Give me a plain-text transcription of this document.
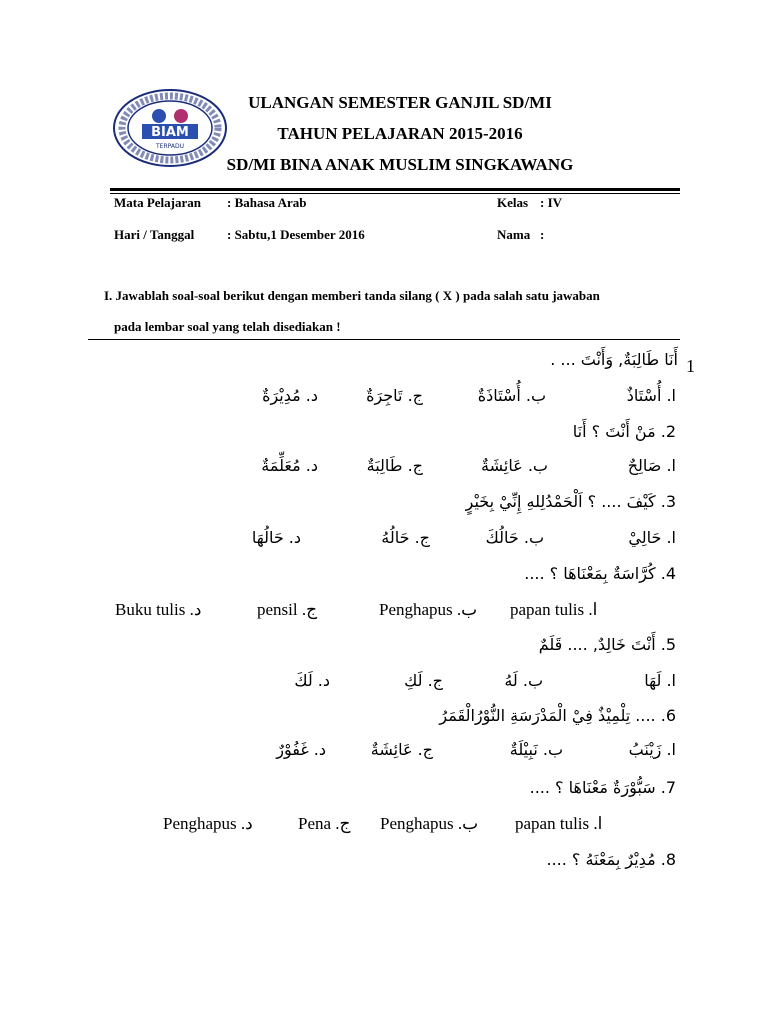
BIAM
TERPADU
ULANGAN SEMESTER GANJIL SD/MI
TAHUN PELAJARAN 2015-2016
SD/MI BINA ANAK MUSLIM SINGKAWANG
Mata Pelajaran : Bahasa Arab	Kelas : IV
Hari / Tanggal	: Sabtu,1 Desember 2016	Nama :
I. Jawablah soal-soal berikut dengan memberi tanda silang ( X ) pada salah satu jawaban
pada lembar soal yang telah disediakan !
1
أَنَا طَالِبَةٌ, وَأَنْتَ ... .
ا. أُسْتَاذٌ
ب. أُسْتَاذَةٌ
ج. تَاجِرَةٌ
د. مُدِيْرَةٌ
2. مَنْ أَنْتَ ؟ أَنَا
ا. صَالِحٌ
ب. عَائِشَةٌ
ج. طَالِبَةٌ
د. مُعَلِّمَةٌ
3. كَيْفَ .... ؟ اَلْحَمْدُلِلهِ إِنِّيْ بِخَيْرٍ
ا. حَالِيْ
ب. حَالُكَ
ج. حَالُهُ
د. حَالُهَا
4. كُرَّاسَةٌ بِمَعْنَاهَا ؟ ....
papan tulis .ا
Penghapus .ب
pensil .ج
Buku tulis .د
5. أَنْتَ خَالِدٌ, .... قَلَمٌ
ا. لَهَا
ب. لَهُ
ج. لَكِ
د. لَكَ
6. .... تِلْمِيْذٌ فِيْ الْمَدْرَسَةِ النُّوْرُالْقَمَرُ
ا. زَيْنَبُ
ب. نَبِيْلَةٌ
ج. عَائِشَةٌ
د. غَفُوْرٌ
7. سَبُّوْرَةٌ مَعْنَاهَا ؟ ....
papan tulis .ا
Penghapus .ب
Pena .ج
Penghapus .د
8. مُدِيْرٌ بِمَعْنَهُ ؟ ....
